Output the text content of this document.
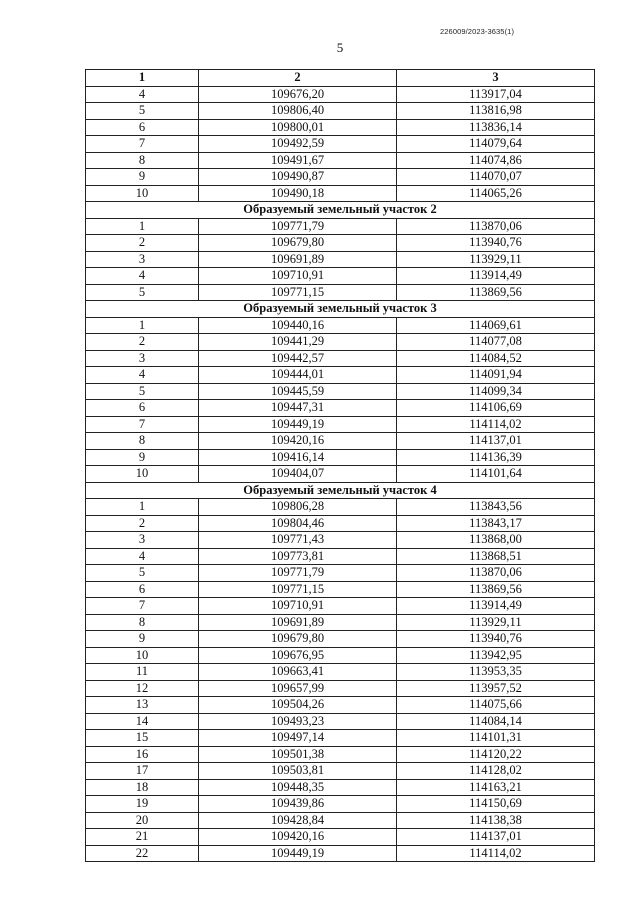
226009/2023-3635(1)
5
1	2	3
4	109676,20	113917,04
5	109806,40	113816,98
6	109800,01	113836,14
7	109492,59	114079,64
8	109491,67	114074,86
9	109490,87	114070,07
10	109490,18	114065,26
Образуемый земельный участок 2		
1	109771,79	113870,06
2	109679,80	113940,76
3	109691,89	113929,11
4	109710,91	113914,49
5	109771,15	113869,56
Образуемый земельный участок 3		
1	109440,16	114069,61
2	109441,29	114077,08
3	109442,57	114084,52
4	109444,01	114091,94
5	109445,59	114099,34
6	109447,31	114106,69
7	109449,19	114114,02
8	109420,16	114137,01
9	109416,14	114136,39
10	109404,07	114101,64
Образуемый земельный участок 4		
1	109806,28	113843,56
2	109804,46	113843,17
3	109771,43	113868,00
4	109773,81	113868,51
5	109771,79	113870,06
6	109771,15	113869,56
7	109710,91	113914,49
8	109691,89	113929,11
9	109679,80	113940,76
10	109676,95	113942,95
11	109663,41	113953,35
12	109657,99	113957,52
13	109504,26	114075,66
14	109493,23	114084,14
15	109497,14	114101,31
16	109501,38	114120,22
17	109503,81	114128,02
18	109448,35	114163,21
19	109439,86	114150,69
20	109428,84	114138,38
21	109420,16	114137,01
22	109449,19	114114,02
